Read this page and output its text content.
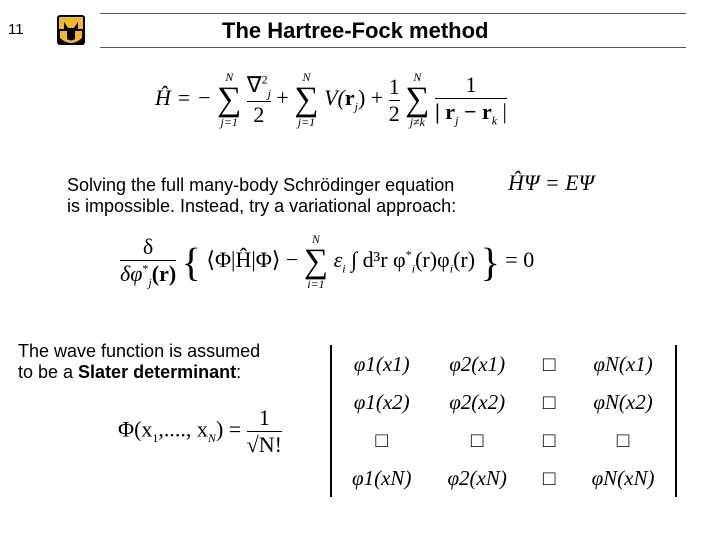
11	The Hartree-Fock method
Ĥ = −
N
∑
j=1
$\frac{\nabla^2_j}{2}$ +
N
∑
j=1
$V(r_j) + \frac{1}{2}$
N
∑
j≠k
$\frac{1}{| r_j - r_k |}$
Solving the full many-body Schrödinger equation
is impossible. Instead, try a variational approach:
ĤΨ = EΨ
$\frac{\delta}{\delta\varphi^*_j(r)}$ { ⟨Φ|Ĥ|Φ⟩ −
N
∑
i=1
$\varepsilon_i$ ∫ d³r $\varphi^*_i(r)\varphi_i(r)$ } = 0
The wave function is assumed
to be a Slater determinant:
$\Phi(x_1$,...., $x_N) = \frac{1}{√N!}$
φ1(x1)	φ2(x1)	□	φN(x1)
φ1(x2)	φ2(x2)	□	φN(x2)
□	□	□	□
φ1(xN)	φ2(xN)	□	φN(xN)
